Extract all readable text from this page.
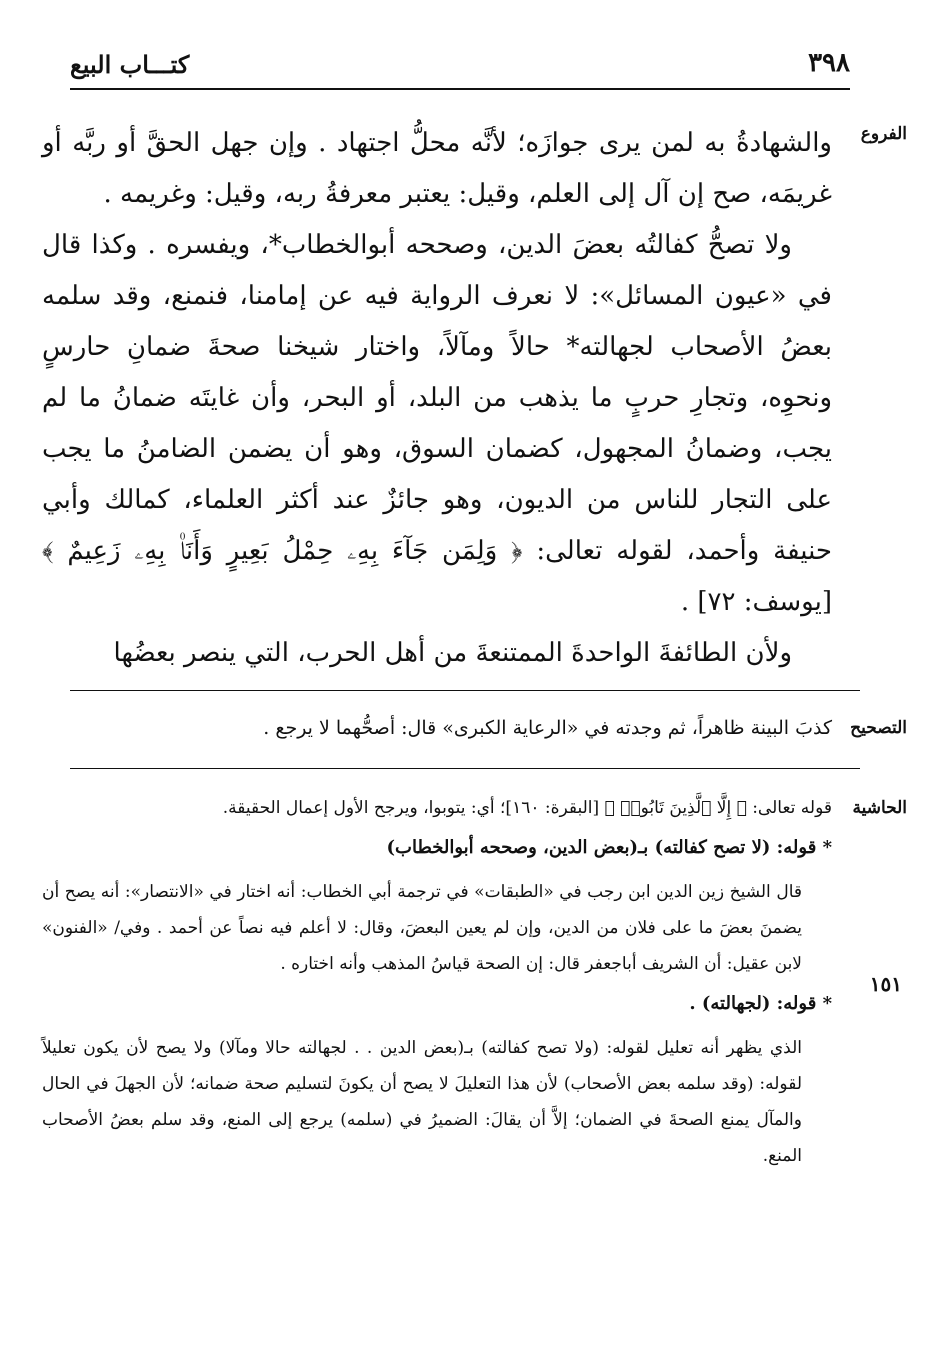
٣٩٨
كتـــاب البيع
الفروع

والشهادةُ به لمن يرى جوازَه؛ لأنَّه محلُّ اجتهاد . وإن جهل الحقَّ أو ربَّه أو غريمَه، صح إن آل إلى العلم، وقيل: يعتبر معرفةُ ربه، وقيل: وغريمه .

ولا تصحُّ كفالتُه بعضَ الدين، وصححه أبوالخطاب*، ويفسره . وكذا قال في «عيون المسائل»: لا نعرف الرواية فيه عن إمامنا، فنمنع، وقد سلمه بعضُ الأصحاب لجهالته* حالاً ومآلاً، واختار شيخنا صحةَ ضمانِ حارسٍ ونحوِه، وتجارِ حربٍ ما يذهب من البلد، أو البحر، وأن غايتَه ضمانُ ما لم يجب، وضمانُ المجهول، كضمان السوق، وهو أن يضمن الضامنُ ما يجب على التجار للناس من الديون، وهو جائزٌ عند أكثر العلماء، كمالك وأبي حنيفة وأحمد، لقوله تعالى: ﴿ وَلِمَن جَآءَ بِهِۦ حِمْلُ بَعِيرٍ وَأَنَا۠ بِهِۦ زَعِيمٌ ﴾ [يوسف: ٧٢] .

ولأن الطائفةَ الواحدةَ الممتنعةَ من أهل الحرب، التي ينصر بعضُها

التصحيح
كذبَ البينة ظاهراً، ثم وجدته في «الرعاية الكبرى» قال: أصحُّهما لا يرجع .
الحاشية

قوله تعالى: ﴿ إِلَّا ٱلَّذِينَ تَابُوا۟ ﴾ [البقرة: ١٦٠]؛ أي: يتوبوا، ويرجح الأول إعمال الحقيقة.

* قوله: (لا تصح كفالته) بـ(بعض الدين، وصححه أبوالخطاب)

قال الشيخ زين الدين ابن رجب في «الطبقات» في ترجمة أبي الخطاب: أنه اختار في «الانتصار»: أنه يصح أن يضمنَ بعضَ ما على فلان من الدين، وإن لم يعين البعضَ، وقال: لا أعلم فيه نصاً عن أحمد . وفي/ «الفنون» لابن عقيل: أن الشريف أباجعفر قال: إن الصحة قياسُ المذهب وأنه اختاره .

* قوله: (لجهالته) .

الذي يظهر أنه تعليل لقوله: (ولا تصح كفالته) بـ(بعض الدين . . لجهالته حالا ومآلا) ولا يصح لأن يكون تعليلاً لقوله: (وقد سلمه بعض الأصحاب) لأن هذا التعليلَ لا يصح أن يكونَ لتسليم صحة ضمانه؛ لأن الجهلَ في الحال والمآل يمنع الصحةَ في الضمان؛ إلاَّ أن يقالَ: الضميرُ في (سلمه) يرجع إلى المنع، وقد سلم بعضُ الأصحاب المنع.

١٥١
